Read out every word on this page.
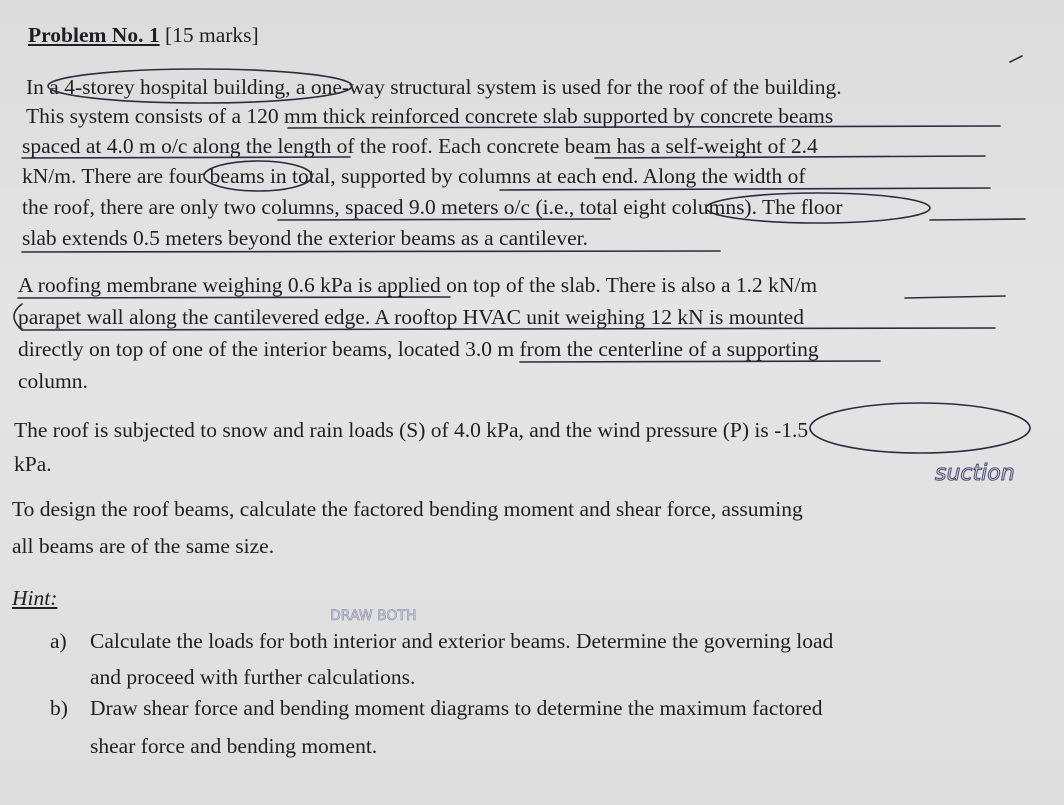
Problem No. 1 [15 marks]
In a 4-storey hospital building, a one-way structural system is used for the roof of the building.
This system consists of a 120 mm thick reinforced concrete slab supported by concrete beams
spaced at 4.0 m o/c along the length of the roof. Each concrete beam has a self-weight of 2.4
kN/m. There are four beams in total, supported by columns at each end. Along the width of
the roof, there are only two columns, spaced 9.0 meters o/c (i.e., total eight columns). The floor
slab extends 0.5 meters beyond the exterior beams as a cantilever.
A roofing membrane weighing 0.6 kPa is applied on top of the slab. There is also a 1.2 kN/m
parapet wall along the cantilevered edge. A rooftop HVAC unit weighing 12 kN is mounted
directly on top of one of the interior beams, located 3.0 m from the centerline of a supporting
column.
The roof is subjected to snow and rain loads (S) of 4.0 kPa, and the wind pressure (P) is -1.5
kPa.
To design the roof beams, calculate the factored bending moment and shear force, assuming
all beams are of the same size.
Hint:
a) Calculate the loads for both interior and exterior beams. Determine the governing load
and proceed with further calculations.
b) Draw shear force and bending moment diagrams to determine the maximum factored
shear force and bending moment.
suction
DRAW BOTH
